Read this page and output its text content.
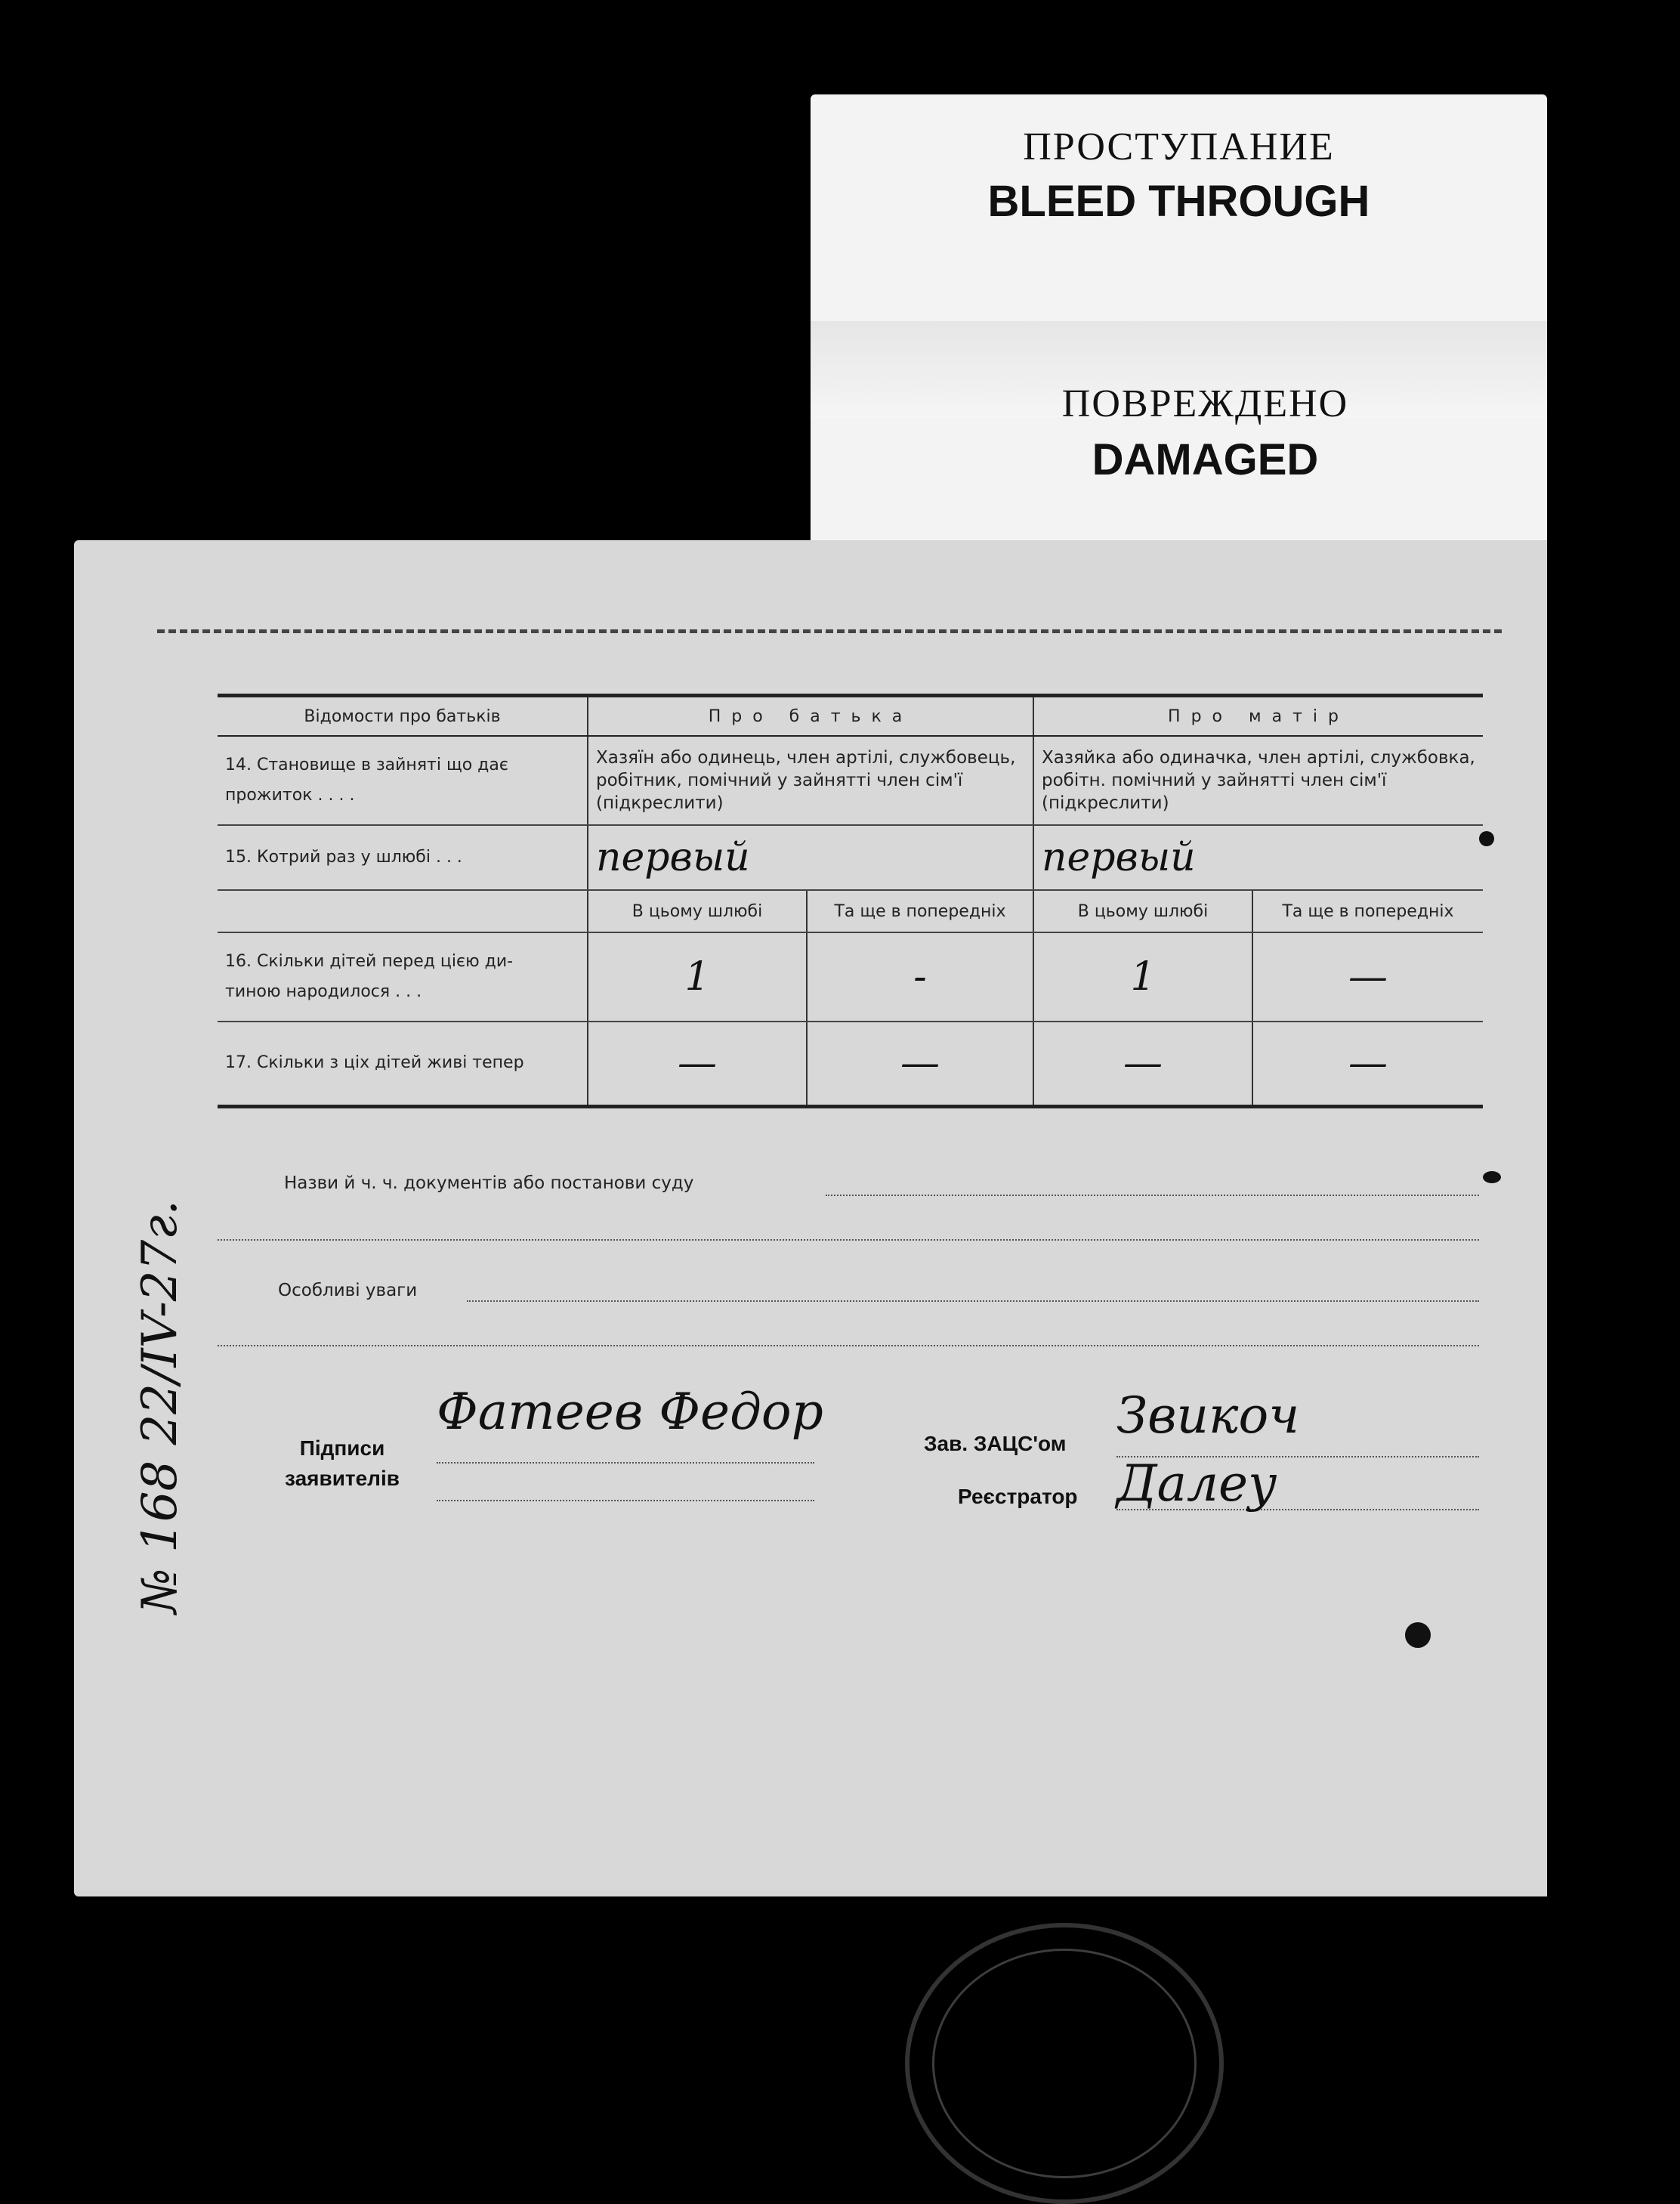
ПРОСТУПАНИЕ
BLEED THROUGH
ПОВРЕЖДЕНО
DAMAGED
Відомости про батьків	Про батька		Про матір	

14. Становище в зайняті що дає
прожиток . . . .	Хазяїн або одинець, член артілі, службовець, робітник, помічний у зайнятті член сім'ї (підкреслити)		Хазяйка або одиначка, член артілі, службовка, робітн. помічний у зайнятті член сім'ї (підкреслити)	
15. Котрий раз у шлюбі . . .	первый		первый	
	В цьому шлюбі	Та ще в попередніх	В цьому шлюбі	Та ще в попередніх

16. Скільки дітей перед цією ди-
тиною народилося . . .	1	-	1	—
17. Скільки з ціх дітей живі тепер	—	—	—	—
Назви й ч. ч. документів або постанови суду
Особливі уваги
Підписи
заявителів
Фатеев Федор
Зав. ЗАЦС'ом Звикоч
Реєстратор Далеу
№ 168 22/IV-27г.
